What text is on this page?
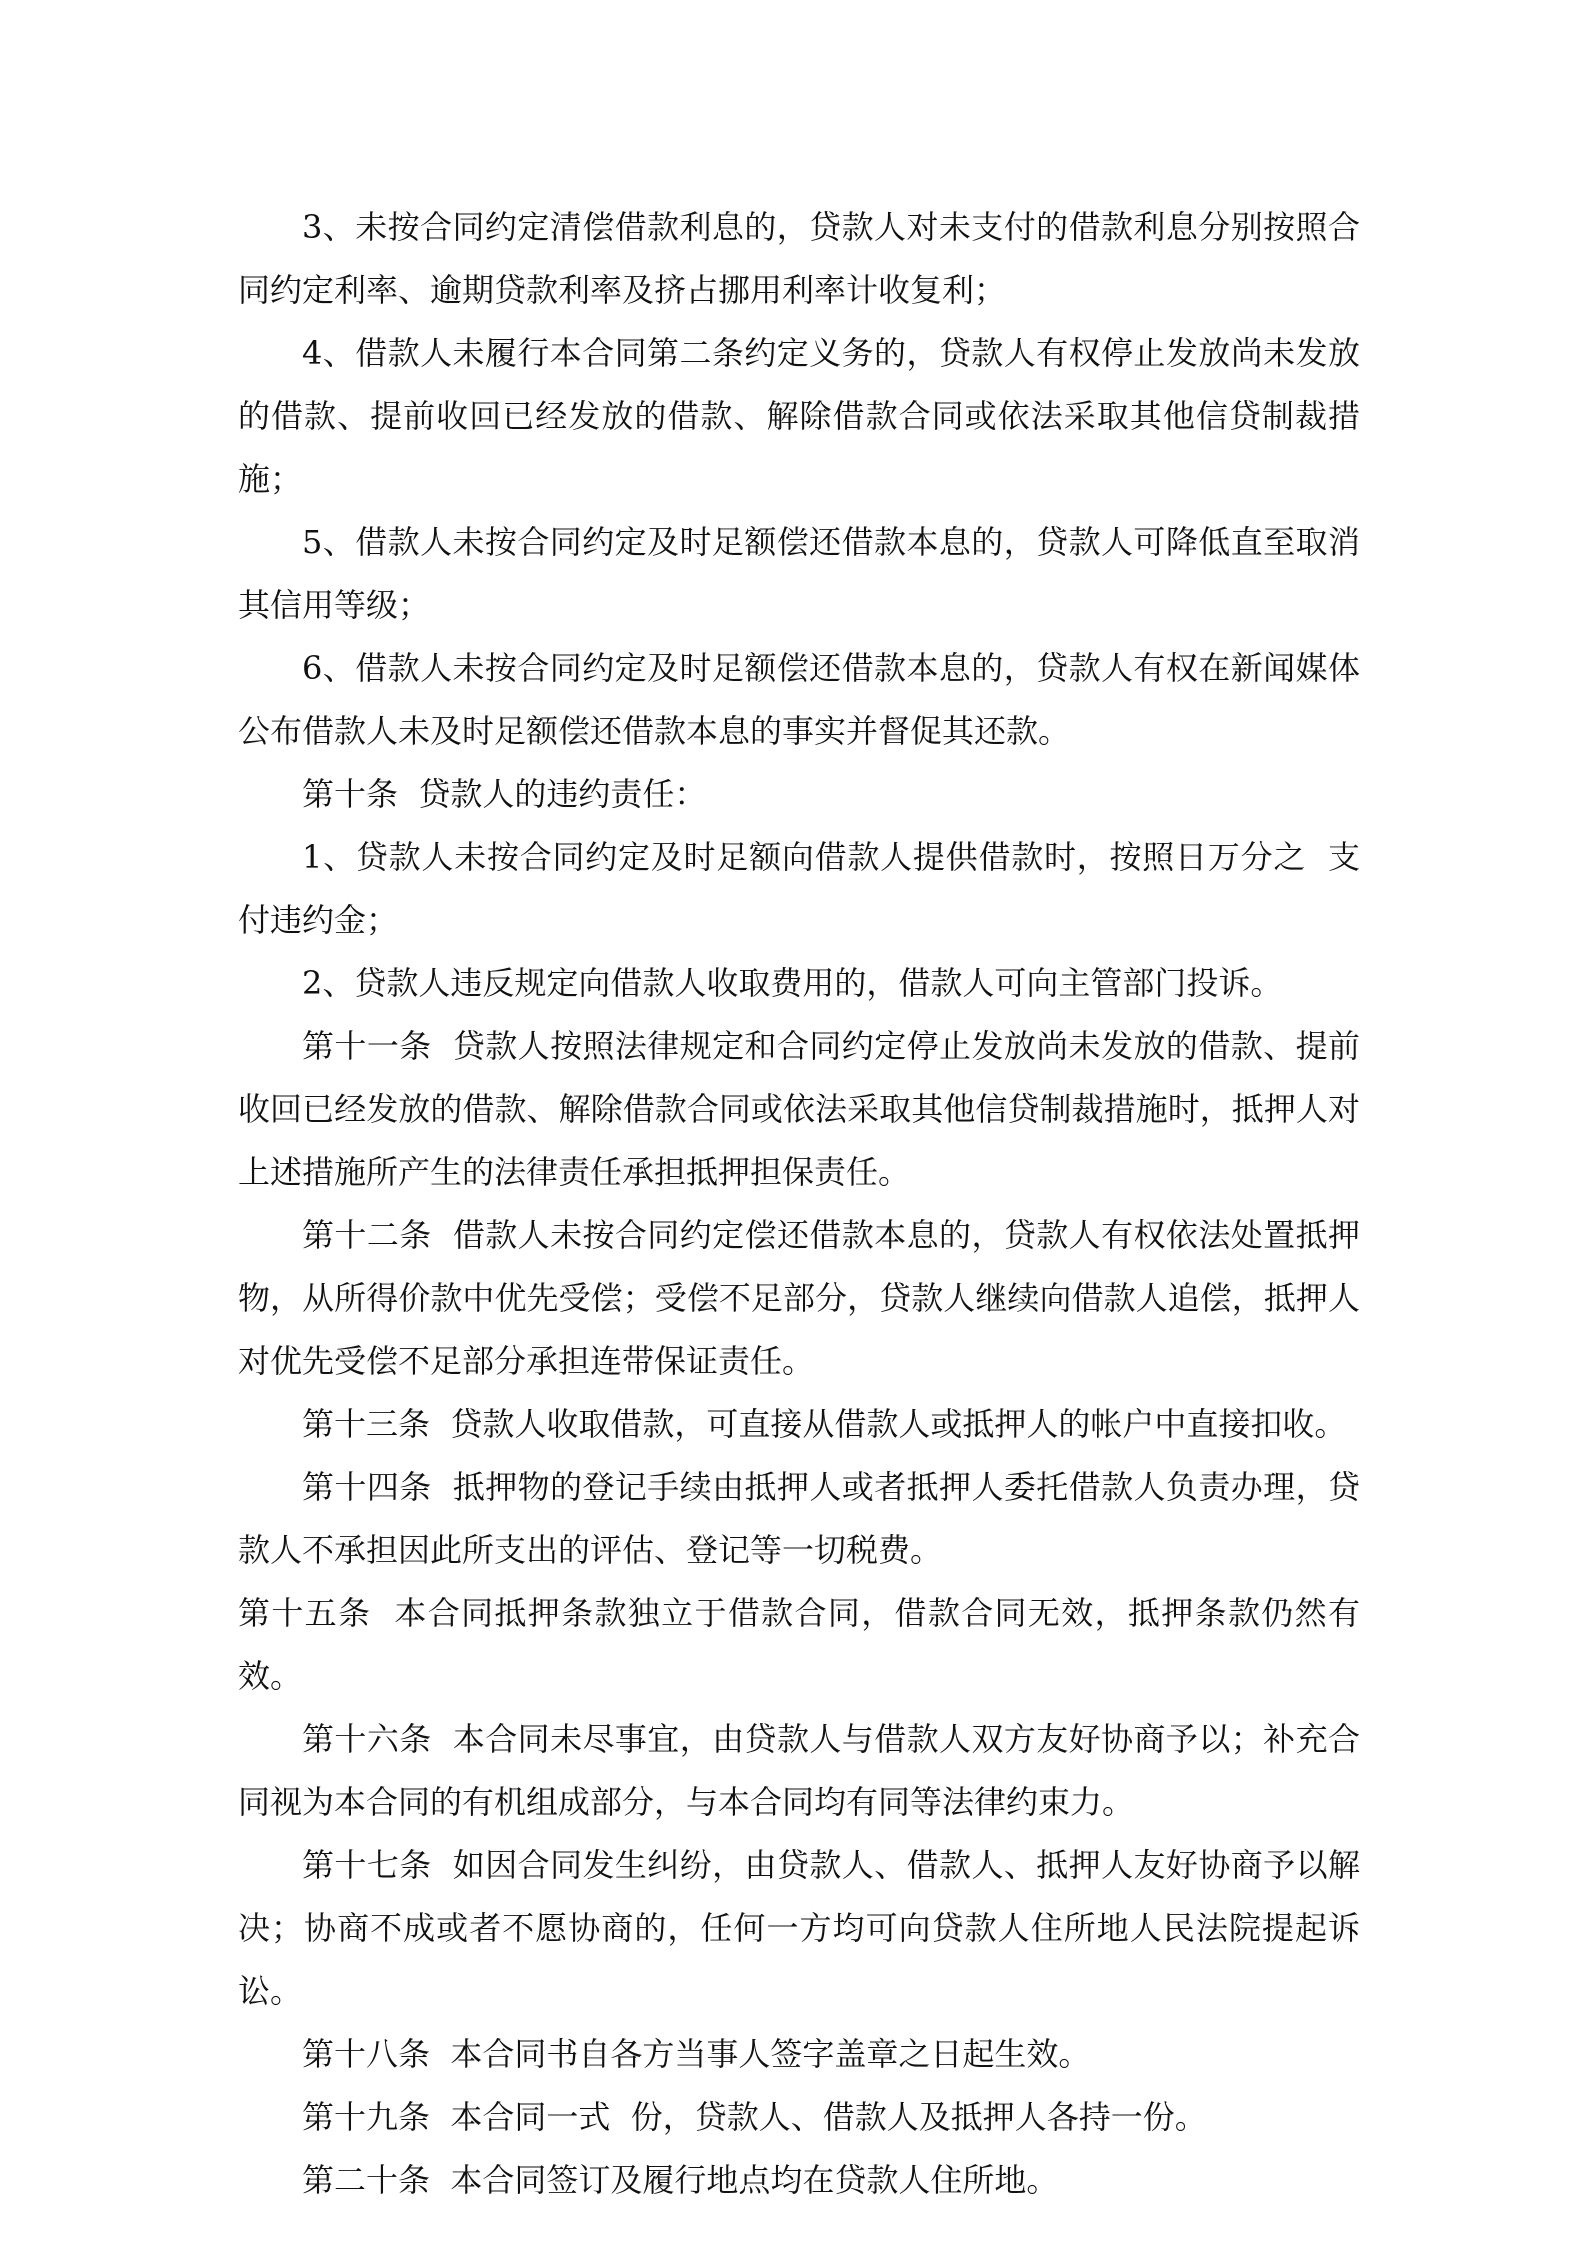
3、未按合同约定清偿借款利息的，贷款人对未支付的借款利息分别按照合同约定利率、逾期贷款利率及挤占挪用利率计收复利；

4、借款人未履行本合同第二条约定义务的，贷款人有权停止发放尚未发放的借款、提前收回已经发放的借款、解除借款合同或依法采取其他信贷制裁措施；

5、借款人未按合同约定及时足额偿还借款本息的，贷款人可降低直至取消其信用等级；

6、借款人未按合同约定及时足额偿还借款本息的，贷款人有权在新闻媒体公布借款人未及时足额偿还借款本息的事实并督促其还款。

第十条  贷款人的违约责任：

1、贷款人未按合同约定及时足额向借款人提供借款时，按照日万分之  支付违约金；

2、贷款人违反规定向借款人收取费用的，借款人可向主管部门投诉。

第十一条  贷款人按照法律规定和合同约定停止发放尚未发放的借款、提前收回已经发放的借款、解除借款合同或依法采取其他信贷制裁措施时，抵押人对上述措施所产生的法律责任承担抵押担保责任。

第十二条  借款人未按合同约定偿还借款本息的，贷款人有权依法处置抵押物，从所得价款中优先受偿；受偿不足部分，贷款人继续向借款人追偿，抵押人对优先受偿不足部分承担连带保证责任。

第十三条  贷款人收取借款，可直接从借款人或抵押人的帐户中直接扣收。

第十四条  抵押物的登记手续由抵押人或者抵押人委托借款人负责办理，贷款人不承担因此所支出的评估、登记等一切税费。

第十五条  本合同抵押条款独立于借款合同，借款合同无效，抵押条款仍然有效。

第十六条  本合同未尽事宜，由贷款人与借款人双方友好协商予以；补充合同视为本合同的有机组成部分，与本合同均有同等法律约束力。

第十七条  如因合同发生纠纷，由贷款人、借款人、抵押人友好协商予以解决；协商不成或者不愿协商的，任何一方均可向贷款人住所地人民法院提起诉讼。

第十八条  本合同书自各方当事人签字盖章之日起生效。

第十九条  本合同一式  份，贷款人、借款人及抵押人各持一份。

第二十条  本合同签订及履行地点均在贷款人住所地。
